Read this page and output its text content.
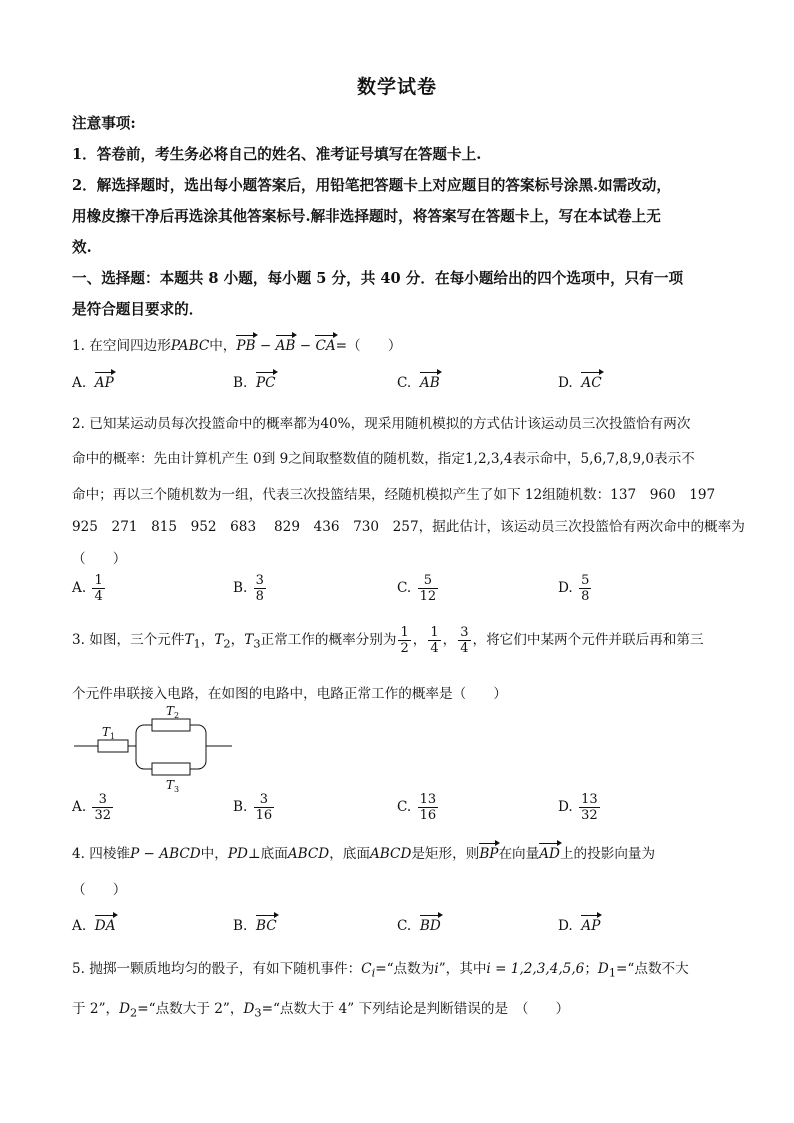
数学试卷
注意事项:
1．答卷前，考生务必将自己的姓名、准考证号填写在答题卡上.
2．解选择题时，选出每小题答案后，用铅笔把答题卡上对应题目的答案标号涂黑.如需改动，
用橡皮擦干净后再选涂其他答案标号.解非选择题时，将答案写在答题卡上，写在本试卷上无
效.
一、选择题：本题共 8 小题，每小题 5 分，共 40 分．在每小题给出的四个选项中，只有一项
是符合题目要求的．
1. 在空间四边形PABC中，PB − AB − CA=（　　）
A. AP	B. PC	C. AB	D. AC
2. 已知某运动员每次投篮命中的概率都为40%，现采用随机模拟的方式估计该运动员三次投篮恰有两次
命中的概率：先由计算机产生 0到 9之间取整数值的随机数，指定1,2,3,4表示命中，5,6,7,8,9,0表示不
命中；再以三个随机数为一组，代表三次投篮结果，经随机模拟产生了如下 12组随机数：137　960　197
925　271　815　952　683　 829　436　730　257，据此估计，该运动员三次投篮恰有两次命中的概率为
（　　）
A. $\frac{1}{4}$	B. $\frac{3}{8}$	C. $\frac{5}{12}$	D. $\frac{5}{8}$
3. 如图，三个元件$T_1$，$T_2$，$T_3$正常工作的概率分别为 $\frac{1}{2}$ ， $\frac{1}{4}$ ， $\frac{3}{4}$ ，将它们中某两个元件并联后再和第三
个元件串联接入电路，在如图的电路中，电路正常工作的概率是（　　）
$T_1$
$T_2$
$T_3$
A. $\frac{3}{32}$	B. $\frac{3}{16}$	C. $\frac{13}{16}$	D. $\frac{13}{32}$
4. 四棱锥P − ABCD中，PD⊥底面ABCD，底面ABCD是矩形，则BP在向量AD上的投影向量为
（　　）
A. DA	B. BC	C. BD	D. AP
5. 抛掷一颗质地均匀的骰子，有如下随机事件：$C_i=“$点数为i”，其中i = 1,2,3,4,5,6；$D_1=“$点数不大
于 2”，$D_2=“$点数大于 2”，$D_3=“$点数大于 4” 下列结论是判断错误的是　（　　）
